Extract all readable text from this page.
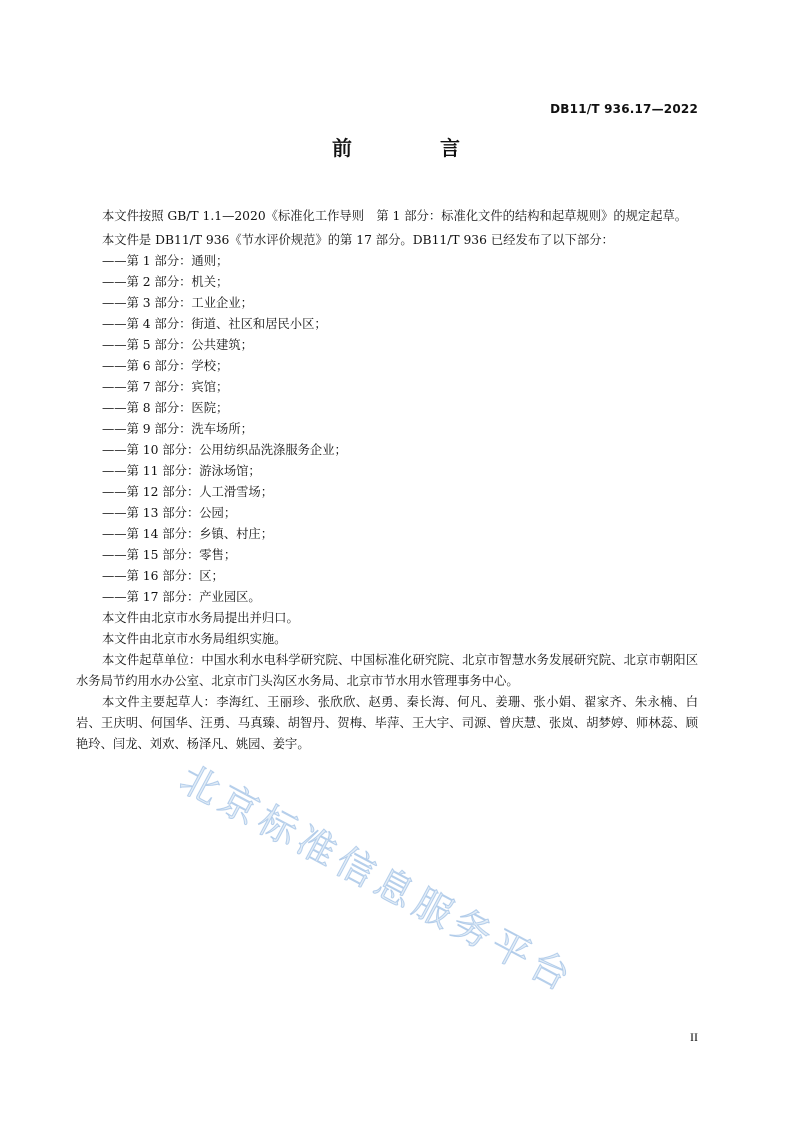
DB11/T 936.17—2022
前　言

本文件按照 GB/T 1.1—2020《标准化工作导则　第 1 部分：标准化文件的结构和起草规则》的规定起草。

本文件是 DB11/T 936《节水评价规范》的第 17 部分。DB11/T 936 已经发布了以下部分：

——第 1 部分：通则；
——第 2 部分：机关；
——第 3 部分：工业企业；
——第 4 部分：街道、社区和居民小区；
——第 5 部分：公共建筑；
——第 6 部分：学校；
——第 7 部分：宾馆；
——第 8 部分：医院；
——第 9 部分：洗车场所；
——第 10 部分：公用纺织品洗涤服务企业；
——第 11 部分：游泳场馆；
——第 12 部分：人工滑雪场；
——第 13 部分：公园；
——第 14 部分：乡镇、村庄；
——第 15 部分：零售；
——第 16 部分：区；
——第 17 部分：产业园区。

本文件由北京市水务局提出并归口。

本文件由北京市水务局组织实施。

本文件起草单位：中国水利水电科学研究院、中国标准化研究院、北京市智慧水务发展研究院、北京市朝阳区水务局节约用水办公室、北京市门头沟区水务局、北京市节水用水管理事务中心。

本文件主要起草人：李海红、王丽珍、张欣欣、赵勇、秦长海、何凡、姜珊、张小娟、翟家齐、朱永楠、白岩、王庆明、何国华、汪勇、马真臻、胡智丹、贺梅、毕萍、王大宇、司源、曾庆慧、张岚、胡梦婷、师林蕊、顾艳玲、闫龙、刘欢、杨泽凡、姚园、姜宇。

北京标准信息服务平台
II
